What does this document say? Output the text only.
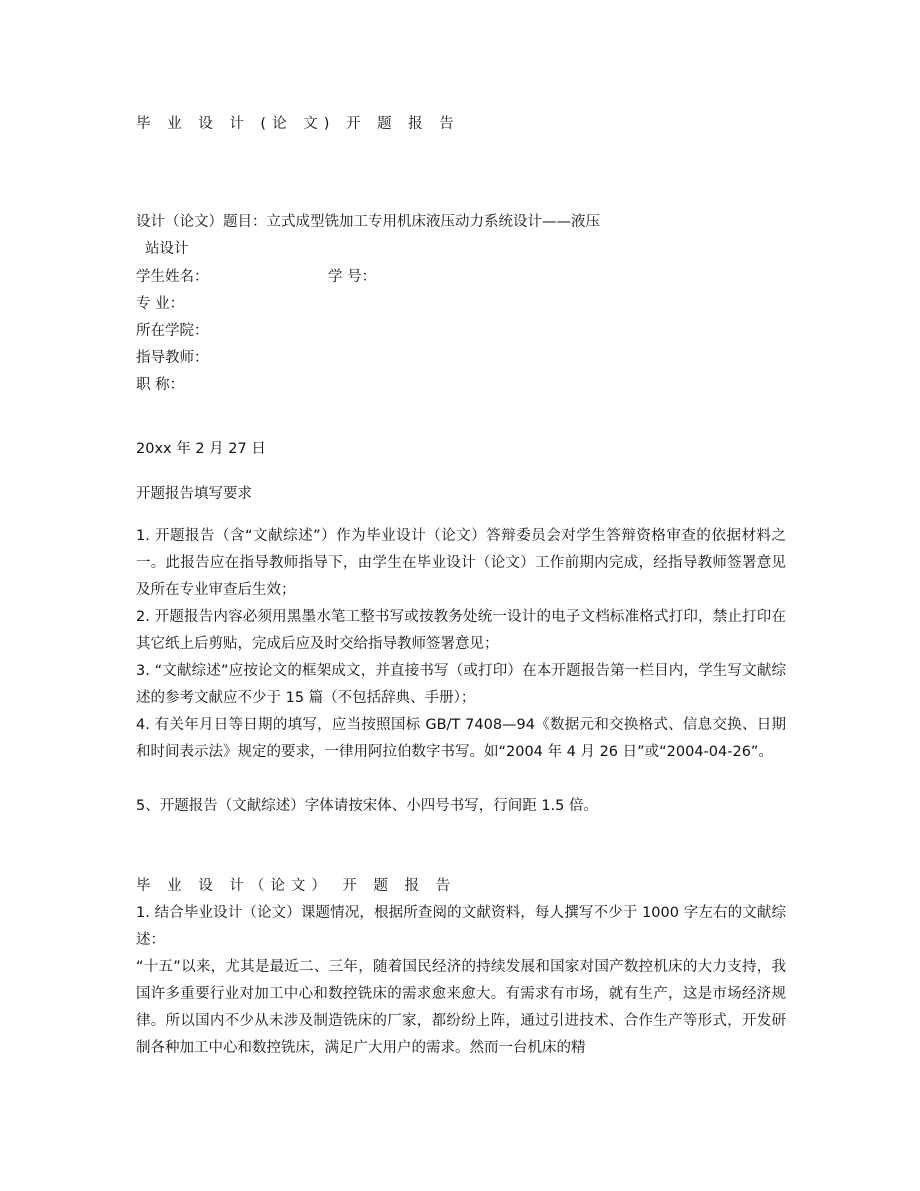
毕 业 设 计 (论 文) 开 题 报 告
设计（论文）题目：立式成型铣加工专用机床液压动力系统设计——液压
站设计
学生姓名：	学 号：
专 业：
所在学院：
指导教师：
职 称：
20xx 年 2 月 27 日
开题报告填写要求
1. 开题报告（含“文献综述”）作为毕业设计（论文）答辩委员会对学生答辩资格审查的依据材料之一。此报告应在指导教师指导下，由学生在毕业设计（论文）工作前期内完成，经指导教师签署意见及所在专业审查后生效；
2. 开题报告内容必须用黑墨水笔工整书写或按教务处统一设计的电子文档标准格式打印，禁止打印在其它纸上后剪贴，完成后应及时交给指导教师签署意见；
3. “文献综述”应按论文的框架成文，并直接书写（或打印）在本开题报告第一栏目内，学生写文献综述的参考文献应不少于 15 篇（不包括辞典、手册）；
4. 有关年月日等日期的填写，应当按照国标 GB/T 7408—94《数据元和交换格式、信息交换、日期和时间表示法》规定的要求，一律用阿拉伯数字书写。如“2004 年 4 月 26 日”或“2004-04-26”。
5、开题报告（文献综述）字体请按宋体、小四号书写，行间距 1.5 倍。
毕 业 设 计（论文） 开 题 报 告
1. 结合毕业设计（论文）课题情况，根据所查阅的文献资料，每人撰写不少于 1000 字左右的文献综述：
“十五”以来，尤其是最近二、三年，随着国民经济的持续发展和国家对国产数控机床的大力支持，我国许多重要行业对加工中心和数控铣床的需求愈来愈大。有需求有市场，就有生产，这是市场经济规律。所以国内不少从未涉及制造铣床的厂家，都纷纷上阵，通过引进技术、合作生产等形式，开发研制各种加工中心和数控铣床，满足广大用户的需求。然而一台机床的精
